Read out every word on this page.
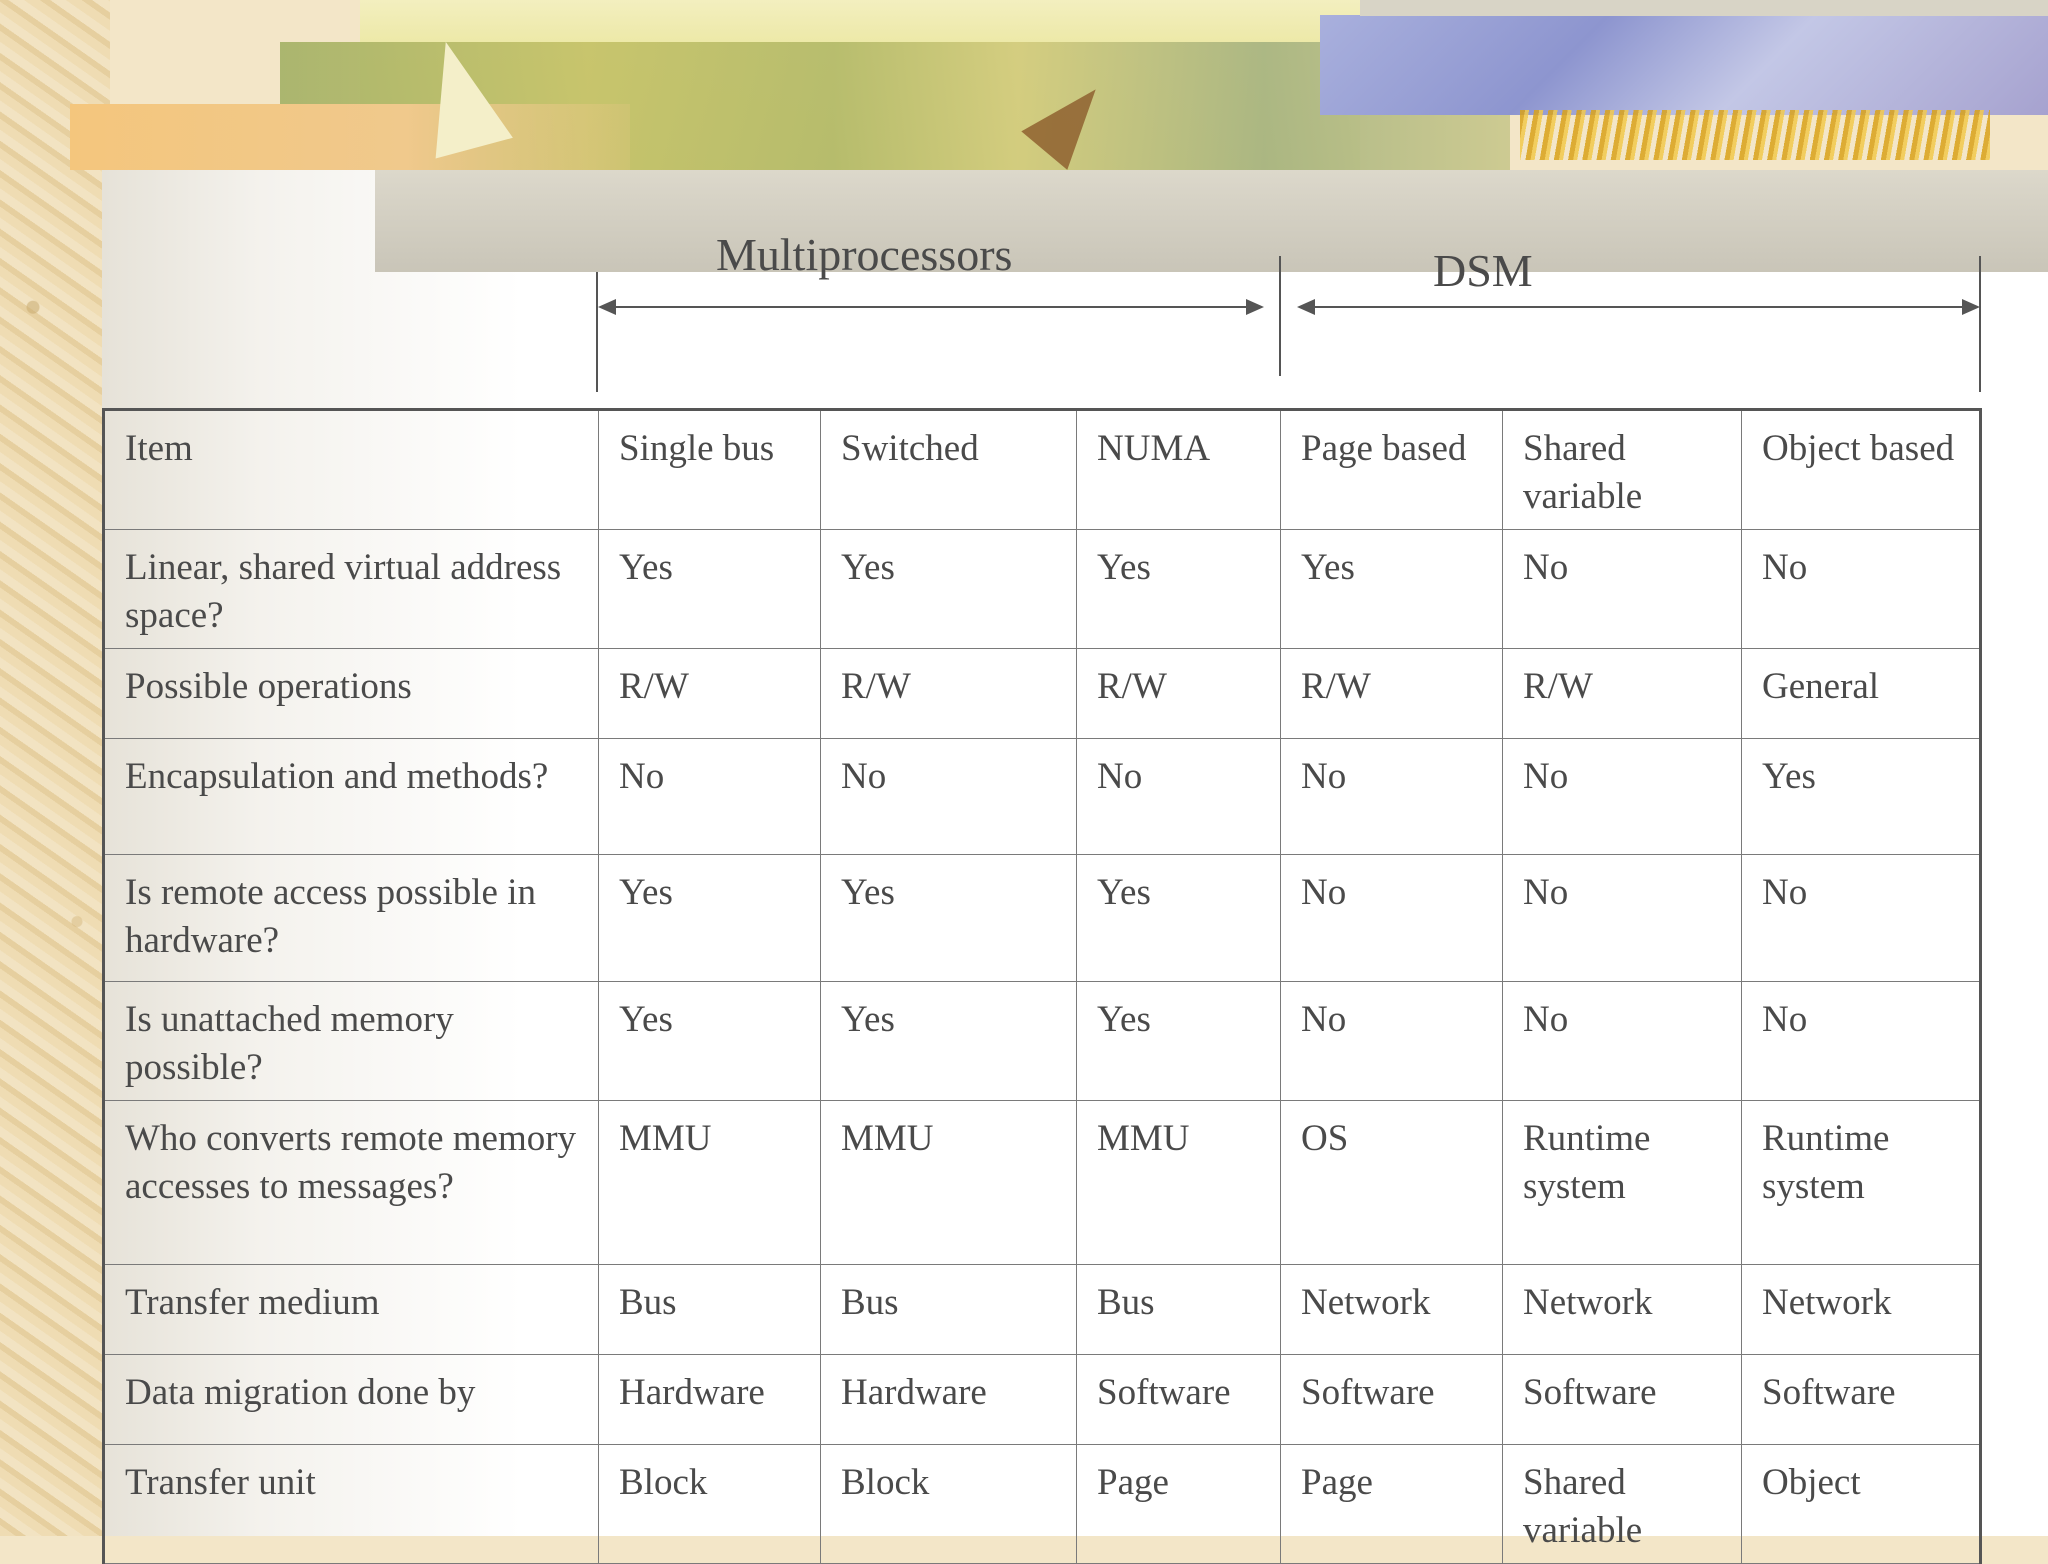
Multiprocessors	DSM
Item	Single bus	Switched	NUMA	Page based	Shared variable	Object based
Linear, shared virtual address space?	Yes	Yes	Yes	Yes	No	No
Possible operations	R/W	R/W	R/W	R/W	R/W	General
Encapsulation and methods?	No	No	No	No	No	Yes
Is remote access possible in hardware?	Yes	Yes	Yes	No	No	No
Is unattached memory possible?	Yes	Yes	Yes	No	No	No
Who converts remote memory accesses to messages?	MMU	MMU	MMU	OS	Runtime system	Runtime system
Transfer medium	Bus	Bus	Bus	Network	Network	Network
Data migration done by	Hardware	Hardware	Software	Software	Software	Software
Transfer unit	Block	Block	Page	Page	Shared variable	Object
